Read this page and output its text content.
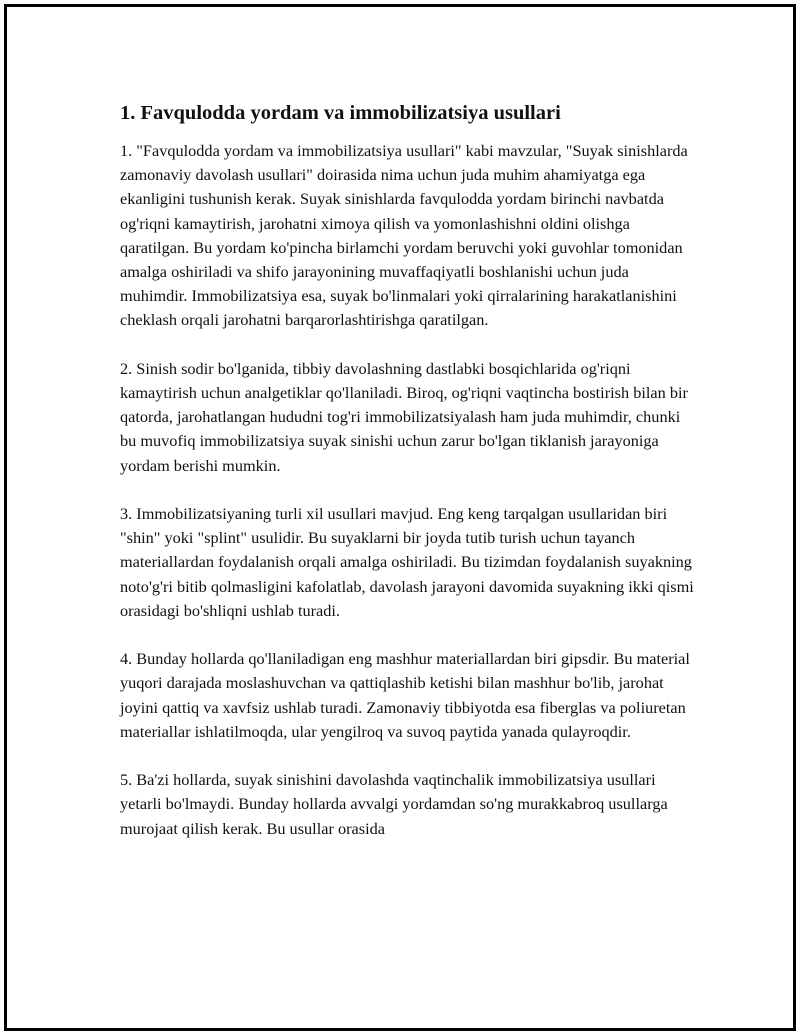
1. Favqulodda yordam va immobilizatsiya usullari

1. "Favqulodda yordam va immobilizatsiya usullari" kabi mavzular, "Suyak sinishlarda zamonaviy davolash usullari" doirasida nima uchun juda muhim ahamiyatga ega ekanligini tushunish kerak. Suyak sinishlarda favqulodda yordam birinchi navbatda og'riqni kamaytirish, jarohatni ximoya qilish va yomonlashishni oldini olishga qaratilgan. Bu yordam ko'pincha birlamchi yordam beruvchi yoki guvohlar tomonidan amalga oshiriladi va shifo jarayonining muvaffaqiyatli boshlanishi uchun juda muhimdir. Immobilizatsiya esa, suyak bo'linmalari yoki qirralarining harakatlanishini cheklash orqali jarohatni barqarorlashtirishga qaratilgan.

2. Sinish sodir bo'lganida, tibbiy davolashning dastlabki bosqichlarida og'riqni kamaytirish uchun analgetiklar qo'llaniladi. Biroq, og'riqni vaqtincha bostirish bilan bir qatorda, jarohatlangan hududni tog'ri immobilizatsiyalash ham juda muhimdir, chunki bu muvofiq immobilizatsiya suyak sinishi uchun zarur bo'lgan tiklanish jarayoniga yordam berishi mumkin.

3. Immobilizatsiyaning turli xil usullari mavjud. Eng keng tarqalgan usullaridan biri "shin" yoki "splint" usulidir. Bu suyaklarni bir joyda tutib turish uchun tayanch materiallardan foydalanish orqali amalga oshiriladi. Bu tizimdan foydalanish suyakning noto'g'ri bitib qolmasligini kafolatlab, davolash jarayoni davomida suyakning ikki qismi orasidagi bo'shliqni ushlab turadi.

4. Bunday hollarda qo'llaniladigan eng mashhur materiallardan biri gipsdir. Bu material yuqori darajada moslashuvchan va qattiqlashib ketishi bilan mashhur bo'lib, jarohat joyini qattiq va xavfsiz ushlab turadi. Zamonaviy tibbiyotda esa fiberglas va poliuretan materiallar ishlatilmoqda, ular yengilroq va suvoq paytida yanada qulayroqdir.

5. Ba'zi hollarda, suyak sinishini davolashda vaqtinchalik immobilizatsiya usullari yetarli bo'lmaydi. Bunday hollarda avvalgi yordamdan so'ng murakkabroq usullarga murojaat qilish kerak. Bu usullar orasida
